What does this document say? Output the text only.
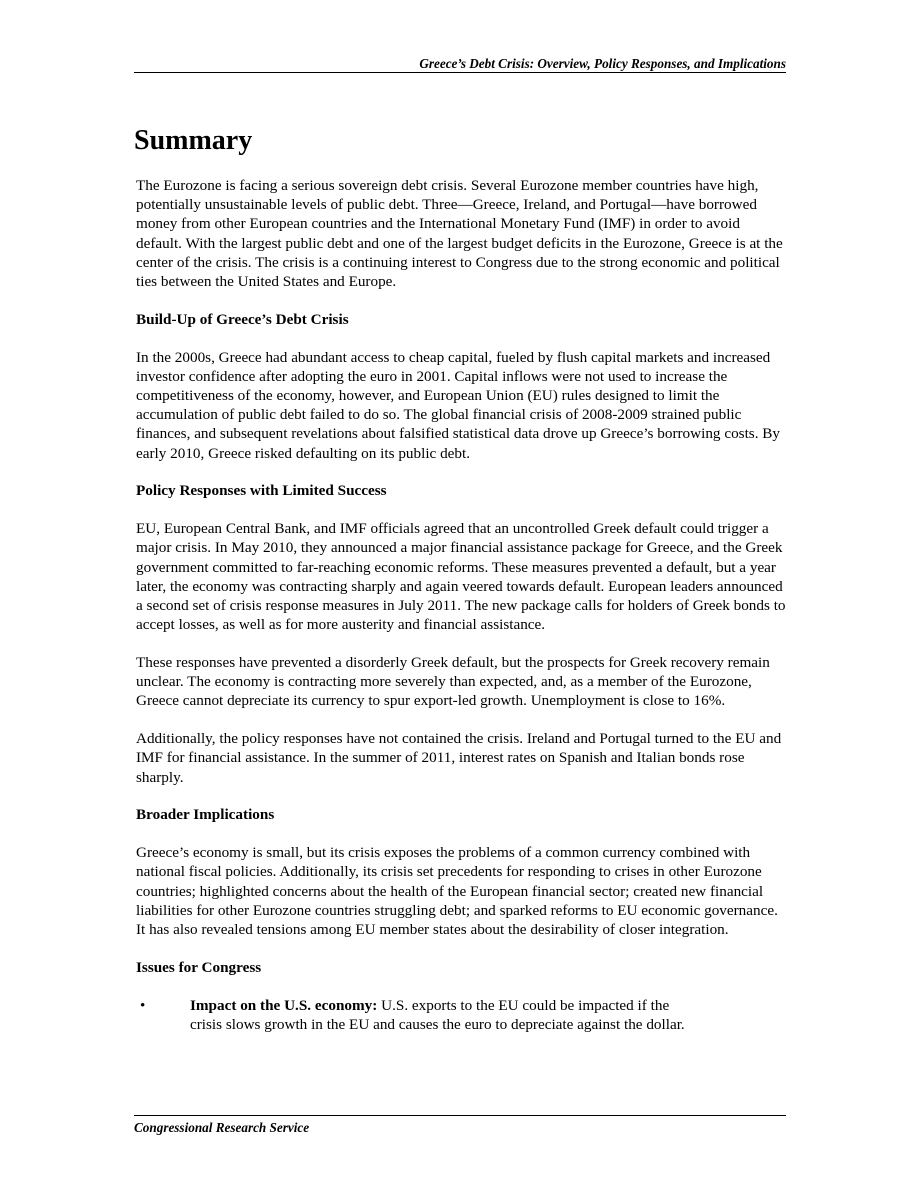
Greece’s Debt Crisis: Overview, Policy Responses, and Implications
Summary

The Eurozone is facing a serious sovereign debt crisis. Several Eurozone member countries have high, potentially unsustainable levels of public debt. Three—Greece, Ireland, and Portugal—have borrowed money from other European countries and the International Monetary Fund (IMF) in order to avoid default. With the largest public debt and one of the largest budget deficits in the Eurozone, Greece is at the center of the crisis. The crisis is a continuing interest to Congress due to the strong economic and political ties between the United States and Europe.

Build-Up of Greece’s Debt Crisis

In the 2000s, Greece had abundant access to cheap capital, fueled by flush capital markets and increased investor confidence after adopting the euro in 2001. Capital inflows were not used to increase the competitiveness of the economy, however, and European Union (EU) rules designed to limit the accumulation of public debt failed to do so. The global financial crisis of 2008-2009 strained public finances, and subsequent revelations about falsified statistical data drove up Greece’s borrowing costs. By early 2010, Greece risked defaulting on its public debt.

Policy Responses with Limited Success

EU, European Central Bank, and IMF officials agreed that an uncontrolled Greek default could trigger a major crisis. In May 2010, they announced a major financial assistance package for Greece, and the Greek government committed to far-reaching economic reforms. These measures prevented a default, but a year later, the economy was contracting sharply and again veered towards default. European leaders announced a second set of crisis response measures in July 2011. The new package calls for holders of Greek bonds to accept losses, as well as for more austerity and financial assistance.

These responses have prevented a disorderly Greek default, but the prospects for Greek recovery remain unclear. The economy is contracting more severely than expected, and, as a member of the Eurozone, Greece cannot depreciate its currency to spur export-led growth. Unemployment is close to 16%.

Additionally, the policy responses have not contained the crisis. Ireland and Portugal turned to the EU and IMF for financial assistance. In the summer of 2011, interest rates on Spanish and Italian bonds rose sharply.

Broader Implications

Greece’s economy is small, but its crisis exposes the problems of a common currency combined with national fiscal policies. Additionally, its crisis set precedents for responding to crises in other Eurozone countries; highlighted concerns about the health of the European financial sector; created new financial liabilities for other Eurozone countries struggling debt; and sparked reforms to EU economic governance. It has also revealed tensions among EU member states about the desirability of closer integration.

Issues for Congress
•	Impact on the U.S. economy: U.S. exports to the EU could be impacted if the
crisis slows growth in the EU and causes the euro to depreciate against the dollar.
Congressional Research Service
